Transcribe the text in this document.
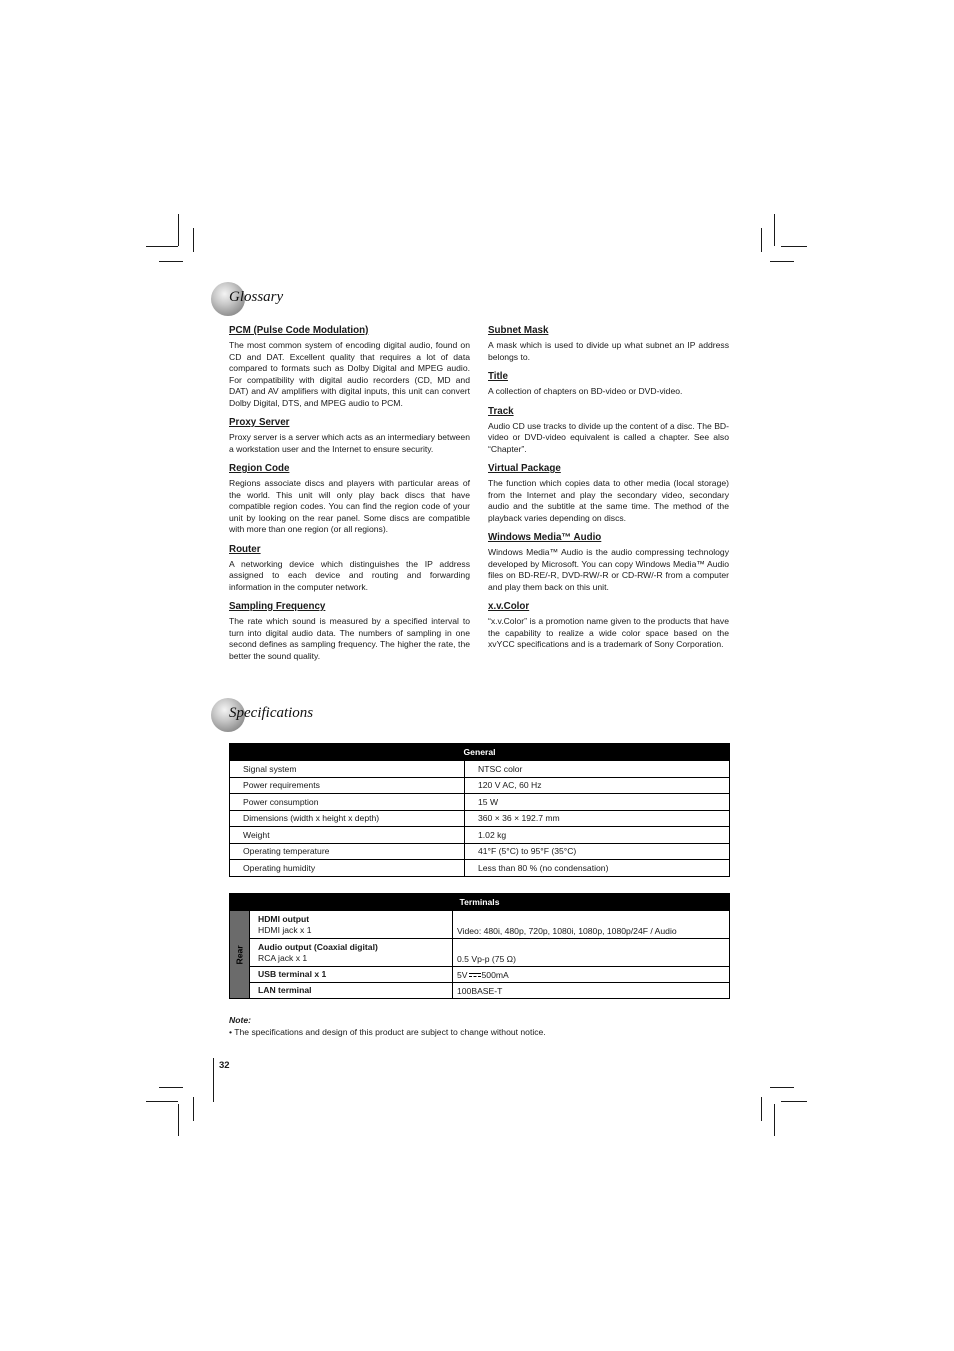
Glossary
PCM (Pulse Code Modulation)

The most common system of encoding digital audio, found on CD and DAT. Excellent quality that requires a lot of data compared to formats such as Dolby Digital and MPEG audio. For compatibility with digital audio recorders (CD, MD and DAT) and AV amplifiers with digital inputs, this unit can convert Dolby Digital, DTS, and MPEG audio to PCM.

Proxy Server

Proxy server is a server which acts as an intermediary between a workstation user and the Internet to ensure security.

Region Code

Regions associate discs and players with particular areas of the world. This unit will only play back discs that have compatible region codes. You can find the region code of your unit by looking on the rear panel. Some discs are compatible with more than one region (or all regions).

Router

A networking device which distinguishes the IP address assigned to each device and routing and forwarding information in the computer network.

Sampling Frequency

The rate which sound is measured by a specified interval to turn into digital audio data. The numbers of sampling in one second defines as sampling frequency. The higher the rate, the better the sound quality.

Subnet Mask

A mask which is used to divide up what subnet an IP address belongs to.

Title

A collection of chapters on BD-video or DVD-video.

Track

Audio CD use tracks to divide up the content of a disc. The BD-video or DVD-video equivalent is called a chapter. See also “Chapter”.

Virtual Package

The function which copies data to other media (local storage) from the Internet and play the secondary video, secondary audio and the subtitle at the same time. The method of the playback varies depending on discs.

Windows Media™ Audio

Windows Media™ Audio is the audio compressing technology developed by Microsoft. You can copy Windows Media™ Audio files on BD-RE/-R, DVD-RW/-R or CD-RW/-R from a computer and play them back on this unit.

x.v.Color

“x.v.Color” is a promotion name given to the products that have the capability to realize a wide color space based on the xvYCC specifications and is a trademark of Sony Corporation.

Specifications
General	
Signal system	NTSC color
Power requirements	120 V AC, 60 Hz
Power consumption	15 W
Dimensions (width x height x depth)	360 × 36 × 192.7 mm
Weight	1.02 kg
Operating temperature	41°F (5°C) to 95°F (35°C)
Operating humidity	Less than 80 % (no condensation)
Terminals		

Rear	HDMI output
HDMI jack x 1	Video: 480i, 480p, 720p, 1080i, 1080p, 1080p/24F / Audio

	Audio output (Coaxial digital)
RCA jack x 1	0.5 Vp-p (75 Ω)

	USB terminal x 1	5V 500mA

	LAN terminal	100BASE-T
Note:
• The specifications and design of this product are subject to change without notice.
32
